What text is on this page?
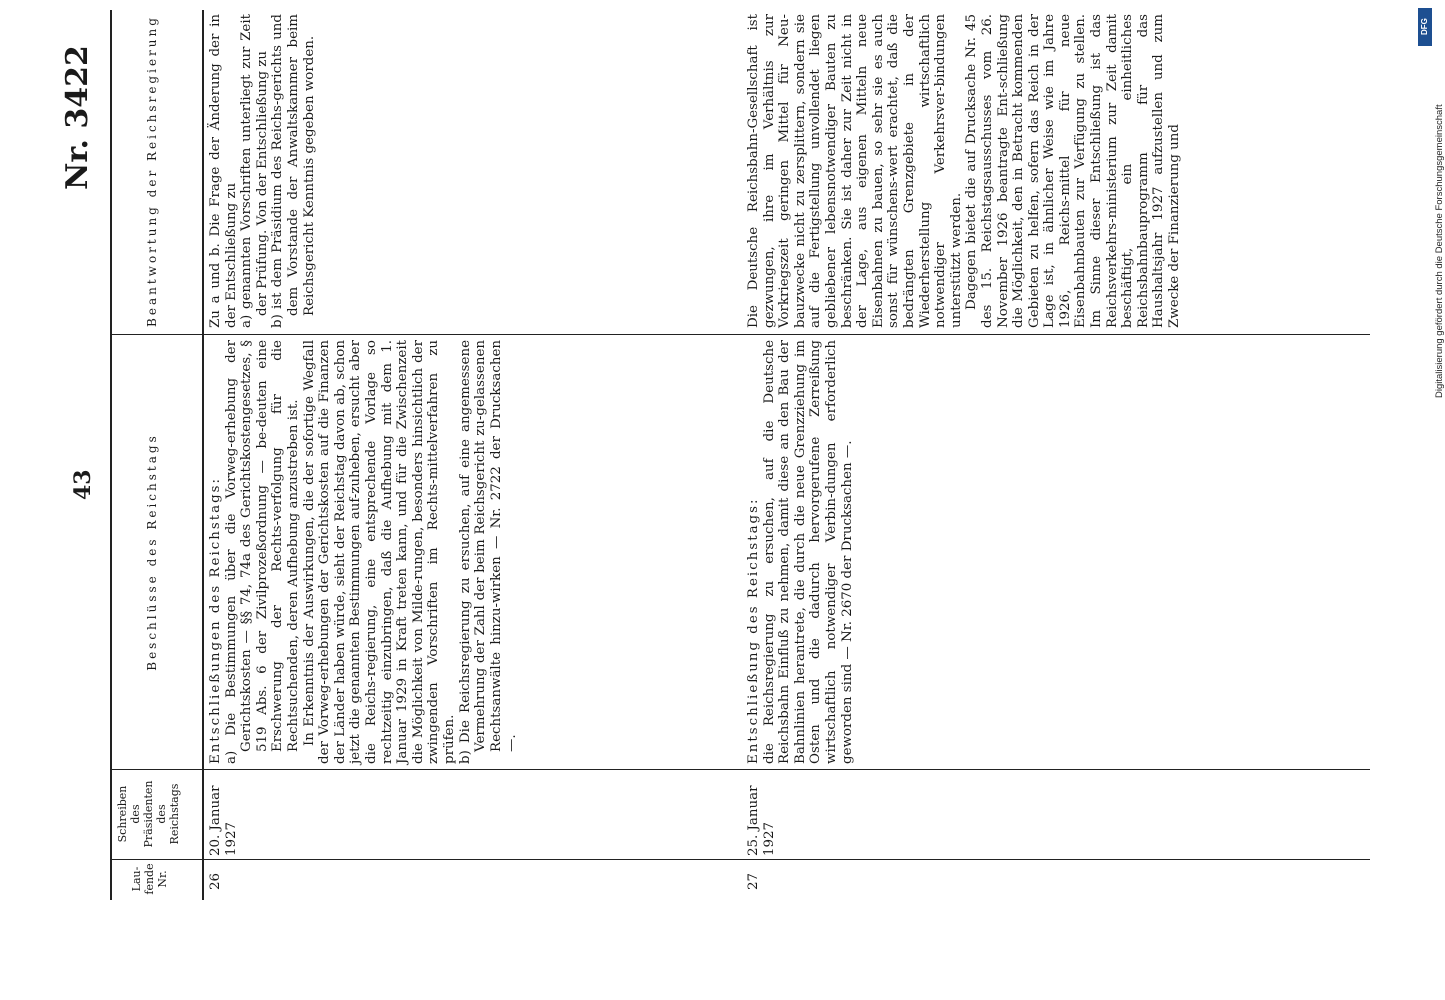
43
Nr. 3422
Lau-
fende
Nr.
Schreiben
des
Präsidenten
des
Reichstags
Beschlüsse des Reichstags
Beantwortung der Reichsregierung
26
20. Januar
1927

Entschließungen des Reichstags: a) Die Bestimmungen über die Vorweg-erhebung der Gerichtskosten — §§ 74, 74a des Gerichtskostengesetzes, § 519 Abs. 6 der Zivilprozeßordnung — be-deuten eine Erschwerung der Rechts-verfolgung für die Rechtsuchenden, deren Aufhebung anzustreben ist. In Erkenntnis der Auswirkungen, die der sofortige Wegfall der Vorweg-erhebungen der Gerichtskosten auf die Finanzen der Länder haben würde, sieht der Reichstag davon ab, schon jetzt die genannten Bestimmungen auf-zuheben, ersucht aber die Reichs-regierung, eine entsprechende Vorlage so rechtzeitig einzubringen, daß die Aufhebung mit dem 1. Januar 1929 in Kraft treten kann, und für die Zwischenzeit die Möglichkeit von Milde-rungen, besonders hinsichtlich der zwingenden Vorschriften im Rechts-mittelverfahren zu prüfen. b) Die Reichsregierung zu ersuchen, auf eine angemessene Vermehrung der Zahl der beim Reichsgericht zu-gelassenen Rechtsanwälte hinzu-wirken — Nr. 2722 der Drucksachen —.

Zu a und b. Die Frage der Änderung der in der Entschließung zu a) genannten Vorschriften unterliegt zur Zeit der Prüfung. Von der Entschließung zu b) ist dem Präsidium des Reichs-gerichts und dem Vorstande der Anwaltskammer beim Reichsgericht Kenntnis gegeben worden.

27
25. Januar
1927

Entschließung des Reichstags: die Reichsregierung zu ersuchen, auf die Deutsche Reichsbahn Einfluß zu nehmen, damit diese an den Bau der Bahnlinien herantrete, die durch die neue Grenzziehung im Osten und die dadurch hervorgerufene Zerreißung wirtschaftlich notwendiger Verbin-dungen erforderlich geworden sind — Nr. 2670 der Drucksachen —.

Die Deutsche Reichsbahn-Gesellschaft ist gezwungen, ihre im Verhältnis zur Vorkriegszeit geringen Mittel für Neu-bauzwecke nicht zu zersplittern, sondern sie auf die Fertigstellung unvollendet liegen gebliebener lebensnotwendiger Bauten zu beschränken. Sie ist daher zur Zeit nicht in der Lage, aus eigenen Mitteln neue Eisenbahnen zu bauen, so sehr sie es auch sonst für wünschens-wert erachtet, daß die bedrängten Grenzgebiete in der Wiederherstellung wirtschaftlich notwendiger Verkehrsver-bindungen unterstützt werden. Dagegen bietet die auf Drucksache Nr. 45 des 15. Reichstagsausschusses vom 26. November 1926 beantragte Ent-schließung die Möglichkeit, den in Betracht kommenden Gebieten zu helfen, sofern das Reich in der Lage ist, in ähnlicher Weise wie im Jahre 1926, Reichs-mittel für neue Eisenbahnbauten zur Verfügung zu stellen. Im Sinne dieser Entschließung ist das Reichsverkehrs-ministerium zur Zeit damit beschäftigt, ein einheitliches Reichsbahnbauprogramm für das Haushaltsjahr 1927 aufzustellen und zum Zwecke der Finanzierung und

DFG
Digitalisierung gefördert durch die Deutsche Forschungsgemeinschaft
